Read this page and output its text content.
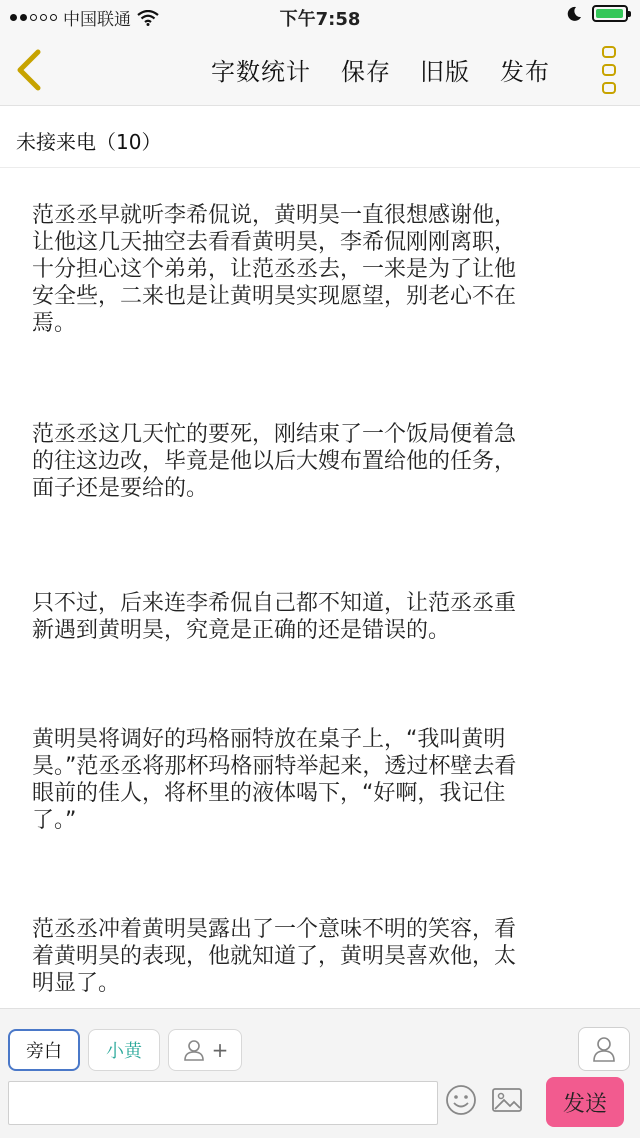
中国联通	下午7:58
字数统计 保存 旧版 发布
未接来电（10）
范丞丞早就听李希侃说，黄明昊一直很想感谢他，
让他这几天抽空去看看黄明昊，李希侃刚刚离职，
十分担心这个弟弟，让范丞丞去，一来是为了让他
安全些，二来也是让黄明昊实现愿望，别老心不在
焉。
范丞丞这几天忙的要死，刚结束了一个饭局便着急
的往这边改，毕竟是他以后大嫂布置给他的任务，
面子还是要给的。
只不过，后来连李希侃自己都不知道，让范丞丞重
新遇到黄明昊，究竟是正确的还是错误的。
黄明昊将调好的玛格丽特放在桌子上，“我叫黄明
昊。”范丞丞将那杯玛格丽特举起来，透过杯壁去看
眼前的佳人，将杯里的液体喝下，“好啊，我记住
了。”
范丞丞冲着黄明昊露出了一个意味不明的笑容，看
着黄明昊的表现，他就知道了，黄明昊喜欢他，太
明显了。
旁白	小黄	+
发送
